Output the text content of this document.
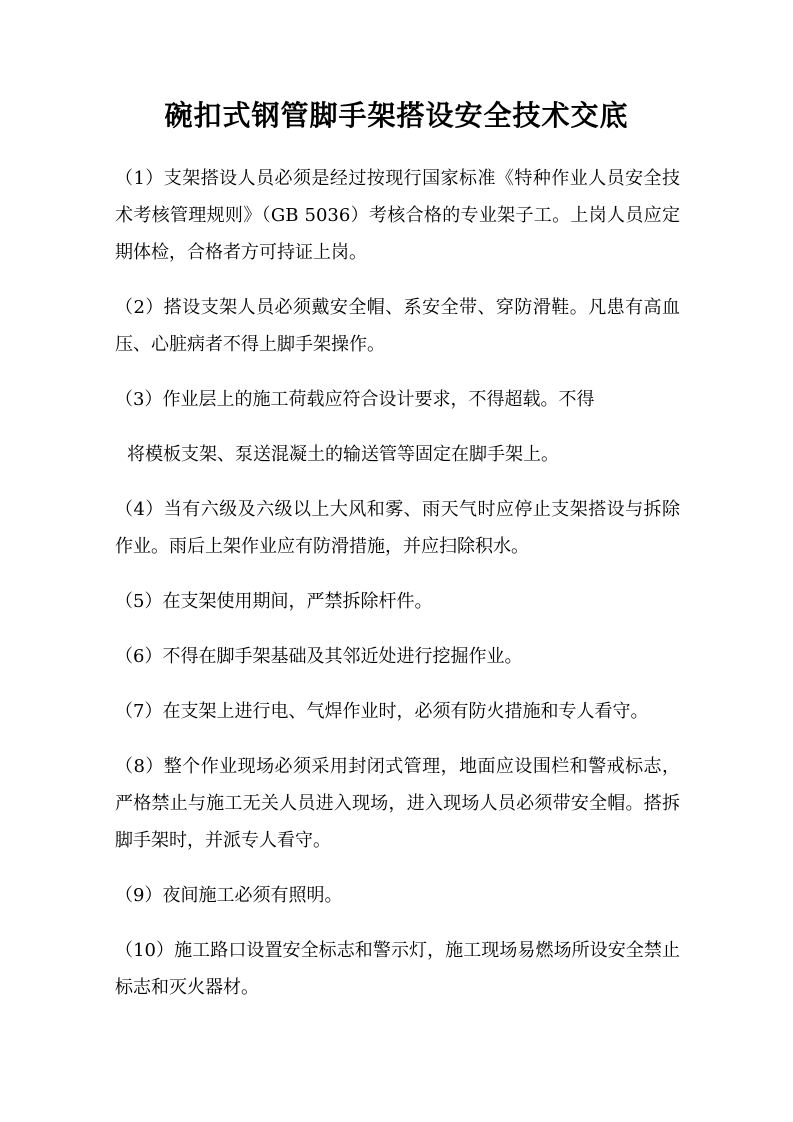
碗扣式钢管脚手架搭设安全技术交底

（1）支架搭设人员必须是经过按现行国家标准《特种作业人员安全技术考核管理规则》（GB 5036）考核合格的专业架子工。上岗人员应定期体检，合格者方可持证上岗。

（2）搭设支架人员必须戴安全帽、系安全带、穿防滑鞋。凡患有高血压、心脏病者不得上脚手架操作。

（3）作业层上的施工荷载应符合设计要求，不得超载。不得

将模板支架、泵送混凝土的输送管等固定在脚手架上。

（4）当有六级及六级以上大风和雾、雨天气时应停止支架搭设与拆除作业。雨后上架作业应有防滑措施，并应扫除积水。

（5）在支架使用期间，严禁拆除杆件。

（6）不得在脚手架基础及其邻近处进行挖掘作业。

（7）在支架上进行电、气焊作业时，必须有防火措施和专人看守。

（8）整个作业现场必须采用封闭式管理，地面应设围栏和警戒标志，严格禁止与施工无关人员进入现场，进入现场人员必须带安全帽。搭拆脚手架时，并派专人看守。

（9）夜间施工必须有照明。

（10）施工路口设置安全标志和警示灯，施工现场易燃场所设安全禁止标志和灭火器材。
